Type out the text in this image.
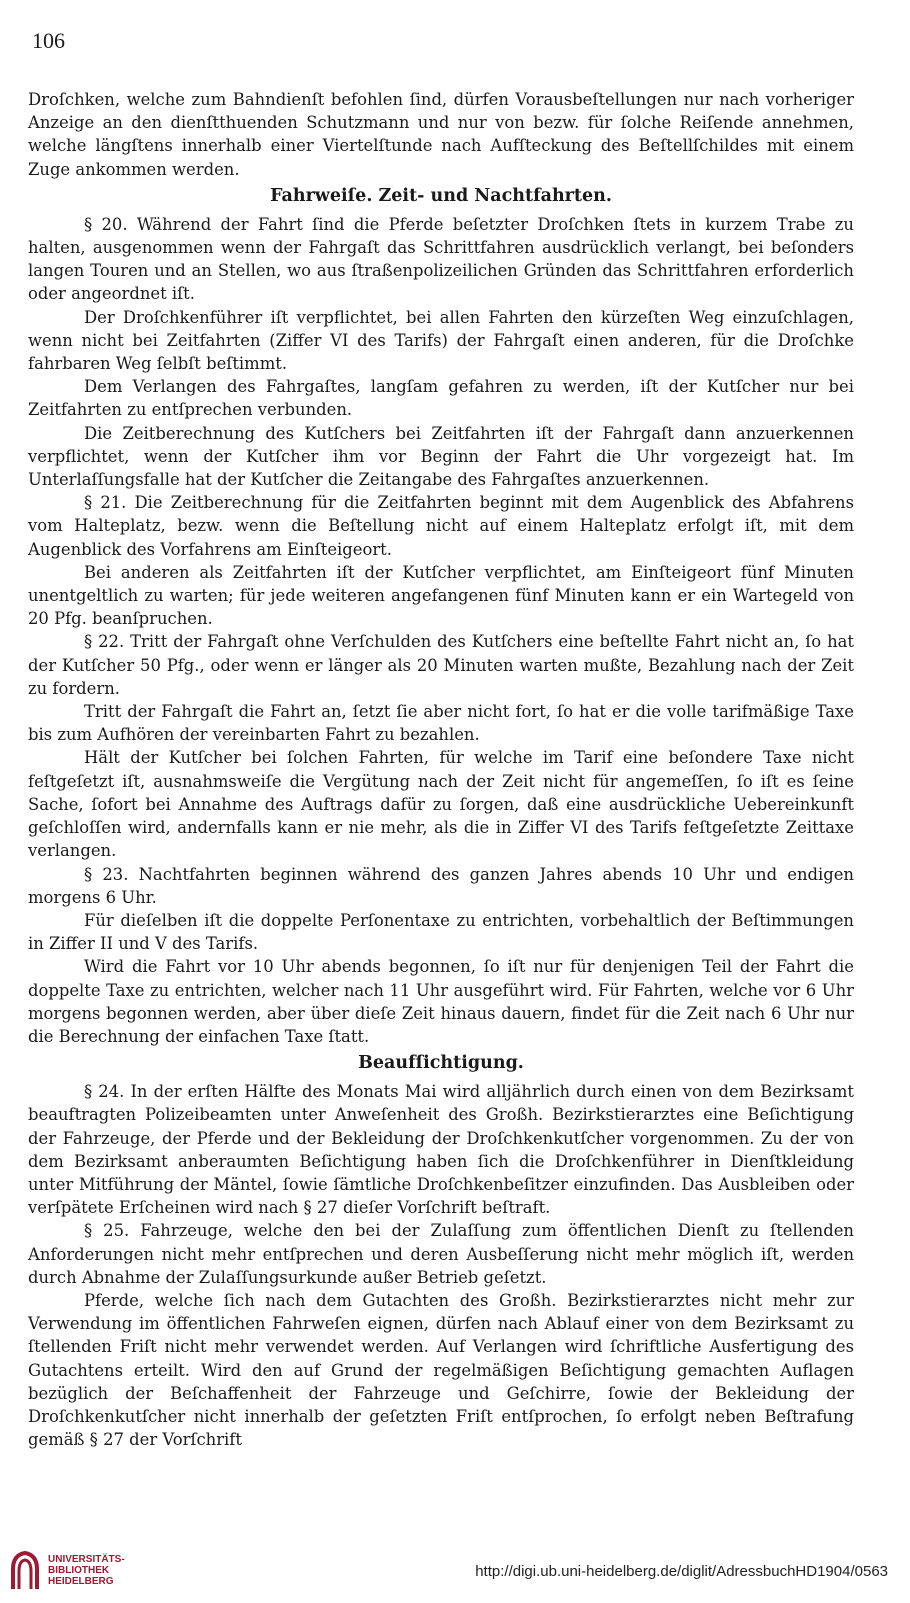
106

Droſchken, welche zum Bahndienſt befohlen ſind, dürfen Vorausbeſtellungen nur nach vorheriger Anzeige an den dienſtthuenden Schutzmann und nur von bezw. für ſolche Reiſende annehmen, welche längſtens innerhalb einer Viertelſtunde nach Aufſteckung des Beſtellſchildes mit einem Zuge ankommen werden.

Fahrweiſe. Zeit- und Nachtfahrten.

§ 20. Während der Fahrt ſind die Pferde beſetzter Droſchken ſtets in kurzem Trabe zu halten, ausgenommen wenn der Fahrgaſt das Schrittfahren ausdrücklich verlangt, bei beſonders langen Touren und an Stellen, wo aus ſtraßenpolizeilichen Gründen das Schrittfahren erforderlich oder angeordnet iſt.

Der Droſchkenführer iſt verpflichtet, bei allen Fahrten den kürzeſten Weg einzuſchlagen, wenn nicht bei Zeitfahrten (Ziffer VI des Tarifs) der Fahrgaſt einen anderen, für die Droſchke fahrbaren Weg ſelbſt beſtimmt.

Dem Verlangen des Fahrgaſtes, langſam gefahren zu werden, iſt der Kutſcher nur bei Zeitfahrten zu entſprechen verbunden.

Die Zeitberechnung des Kutſchers bei Zeitfahrten iſt der Fahrgaſt dann anzuerkennen verpflichtet, wenn der Kutſcher ihm vor Beginn der Fahrt die Uhr vorgezeigt hat. Im Unterlaſſungsfalle hat der Kutſcher die Zeitangabe des Fahrgaſtes anzuerkennen.

§ 21. Die Zeitberechnung für die Zeitfahrten beginnt mit dem Augenblick des Abfahrens vom Halteplatz, bezw. wenn die Beſtellung nicht auf einem Halteplatz erfolgt iſt, mit dem Augenblick des Vorfahrens am Einſteigeort.

Bei anderen als Zeitfahrten iſt der Kutſcher verpflichtet, am Einſteigeort fünf Minuten unentgeltlich zu warten; für jede weiteren angefangenen fünf Minuten kann er ein Wartegeld von 20 Pfg. beanſpruchen.

§ 22. Tritt der Fahrgaſt ohne Verſchulden des Kutſchers eine beſtellte Fahrt nicht an, ſo hat der Kutſcher 50 Pfg., oder wenn er länger als 20 Minuten warten mußte, Bezahlung nach der Zeit zu fordern.

Tritt der Fahrgaſt die Fahrt an, ſetzt ſie aber nicht fort, ſo hat er die volle tarifmäßige Taxe bis zum Aufhören der vereinbarten Fahrt zu bezahlen.

Hält der Kutſcher bei ſolchen Fahrten, für welche im Tarif eine beſondere Taxe nicht feſtgeſetzt iſt, ausnahmsweiſe die Vergütung nach der Zeit nicht für angemeſſen, ſo iſt es ſeine Sache, ſofort bei Annahme des Auftrags dafür zu ſorgen, daß eine ausdrückliche Uebereinkunft geſchloſſen wird, andernfalls kann er nie mehr, als die in Ziffer VI des Tarifs feſtgeſetzte Zeittaxe verlangen.

§ 23. Nachtfahrten beginnen während des ganzen Jahres abends 10 Uhr und endigen morgens 6 Uhr.

Für dieſelben iſt die doppelte Perſonentaxe zu entrichten, vorbehaltlich der Beſtimmungen in Ziffer II und V des Tarifs.

Wird die Fahrt vor 10 Uhr abends begonnen, ſo iſt nur für denjenigen Teil der Fahrt die doppelte Taxe zu entrichten, welcher nach 11 Uhr ausgeführt wird. Für Fahrten, welche vor 6 Uhr morgens begonnen werden, aber über dieſe Zeit hinaus dauern, findet für die Zeit nach 6 Uhr nur die Berechnung der einfachen Taxe ſtatt.

Beaufſichtigung.

§ 24. In der erſten Hälfte des Monats Mai wird alljährlich durch einen von dem Bezirksamt beauftragten Polizeibeamten unter Anweſenheit des Großh. Bezirkstierarztes eine Beſichtigung der Fahrzeuge, der Pferde und der Bekleidung der Droſchkenkutſcher vorgenommen. Zu der von dem Bezirksamt anberaumten Beſichtigung haben ſich die Droſchkenführer in Dienſtkleidung unter Mitführung der Mäntel, ſowie ſämtliche Droſchkenbeſitzer einzufinden. Das Ausbleiben oder verſpätete Erſcheinen wird nach § 27 dieſer Vorſchrift beſtraft.

§ 25. Fahrzeuge, welche den bei der Zulaſſung zum öffentlichen Dienſt zu ſtellenden Anforderungen nicht mehr entſprechen und deren Ausbeſſerung nicht mehr möglich iſt, werden durch Abnahme der Zulaſſungsurkunde außer Betrieb geſetzt.

Pferde, welche ſich nach dem Gutachten des Großh. Bezirkstierarztes nicht mehr zur Verwendung im öffentlichen Fahrweſen eignen, dürfen nach Ablauf einer von dem Bezirksamt zu ſtellenden Friſt nicht mehr verwendet werden. Auf Verlangen wird ſchriftliche Ausfertigung des Gutachtens erteilt. Wird den auf Grund der regelmäßigen Beſichtigung gemachten Auflagen bezüglich der Beſchaffenheit der Fahrzeuge und Geſchirre, ſowie der Bekleidung der Droſchkenkutſcher nicht innerhalb der geſetzten Friſt entſprochen, ſo erfolgt neben Beſtrafung gemäß § 27 der Vorſchrift

UNIVERSITÄTS-
BIBLIOTHEK
HEIDELBERG
http://digi.ub.uni-heidelberg.de/diglit/AdressbuchHD1904/0563
